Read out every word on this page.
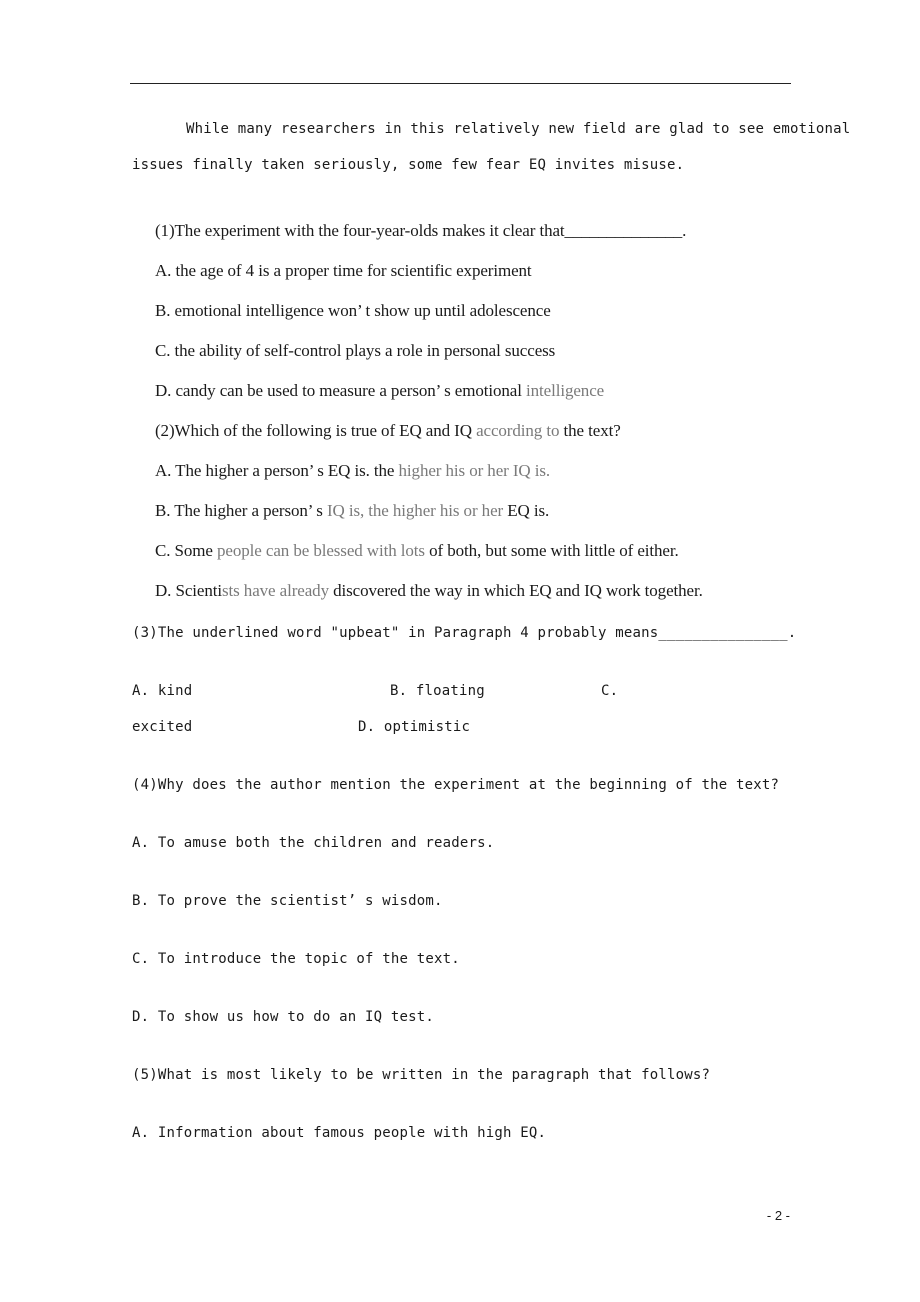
While many researchers in this relatively new field are glad to see emotional
issues finally taken seriously, some few fear EQ invites misuse.
(1)The experiment with the four-year-olds makes it clear that______________.
A. the age of 4 is a proper time for scientific experiment
B. emotional intelligence won’ t show up until adolescence
C. the ability of self-control plays a role in personal success
D. candy can be used to measure a person’ s emotional intelligence
(2)Which of the following is true of EQ and IQ according to the text?
A. The higher a person’ s EQ is. the higher his or her IQ is.
B. The higher a person’ s IQ is, the higher his or her EQ is.
C. Some people can be blessed with lots of both, but some with little of either.
D. Scientists have already discovered the way in which EQ and IQ work together.
(3)The underlined word "upbeat" in Paragraph 4 probably means_______________.
A. kind	B. floating	C.
excited	D. optimistic
(4)Why does the author mention the experiment at the beginning of the text?
A. To amuse both the children and readers.
B. To prove the scientist’ s wisdom.
C. To introduce the topic of the text.
D. To show us how to do an IQ test.
(5)What is most likely to be written in the paragraph that follows?
A. Information about famous people with high EQ.
- 2 -
